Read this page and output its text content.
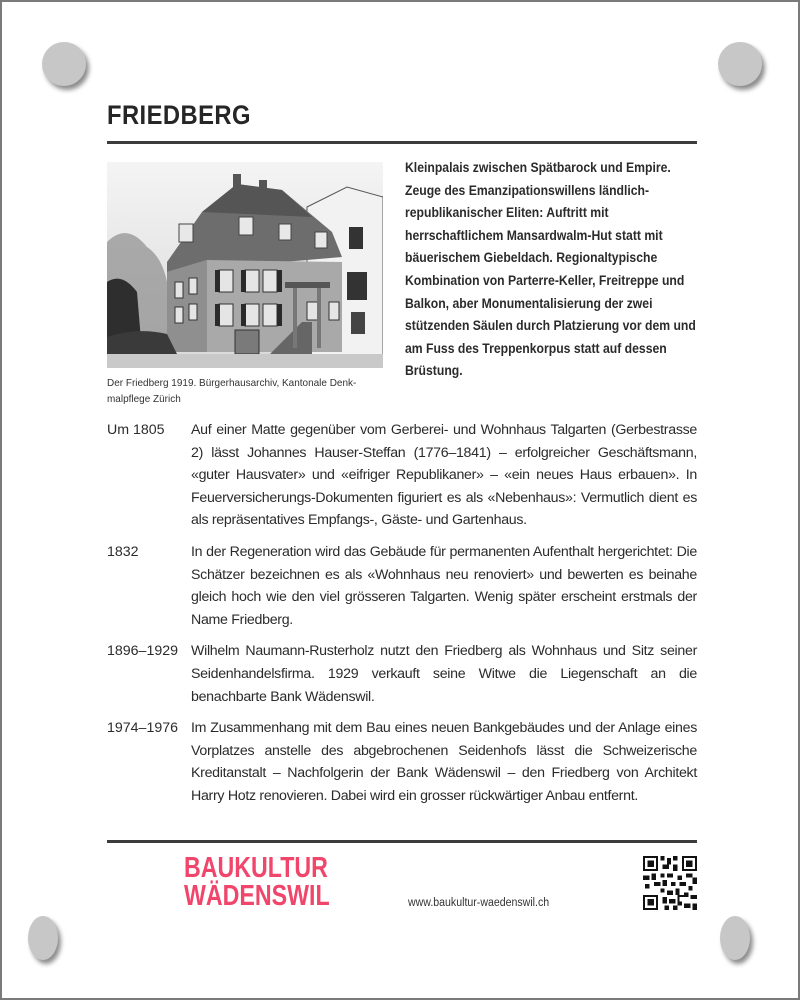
FRIEDBERG
Der Friedberg 1919. Bürgerhausarchiv, Kantonale Denkmalpflege Zürich
Kleinpalais zwischen Spätbarock und Empire. Zeuge des Emanzipationswillens ländlich-republikanischer Eliten: Auftritt mit herrschaftlichem Mansardwalm-Hut statt mit bäuerischem Giebeldach. Regionaltypische Kombination von Parterre-Keller, Freitreppe und Balkon, aber Monumentalisierung der zwei stützenden Säulen durch Platzierung vor dem und am Fuss des Treppenkorpus statt auf dessen Brüstung.
Um 1805	Auf einer Matte gegenüber vom Gerberei- und Wohnhaus Talgarten (Gerbestrasse 2) lässt Johannes Hauser-Steffan (1776–1841) – erfolgreicher Geschäftsmann, «guter Hausvater» und «eifriger Republikaner» – «ein neues Haus erbauen». In Feuerversicherungs-Dokumenten figuriert es als «Nebenhaus»: Vermutlich dient es als repräsentatives Empfangs-, Gäste- und Gartenhaus.
1832	In der Regeneration wird das Gebäude für permanenten Aufenthalt hergerichtet: Die Schätzer bezeichnen es als «Wohnhaus neu renoviert» und bewerten es beinahe gleich hoch wie den viel grösseren Talgarten. Wenig später erscheint erstmals der Name Friedberg.
1896–1929 Wilhelm Naumann-Rusterholz nutzt den Friedberg als Wohnhaus und Sitz seiner Seidenhandelsfirma. 1929 verkauft seine Witwe die Liegenschaft an die benachbarte Bank Wädenswil.
1974–1976 Im Zusammenhang mit dem Bau eines neuen Bankgebäudes und der Anlage eines Vorplatzes anstelle des abgebrochenen Seidenhofs lässt die Schweizerische Kreditanstalt – Nachfolgerin der Bank Wädenswil – den Friedberg von Architekt Harry Hotz renovieren. Dabei wird ein grosser rückwärtiger Anbau entfernt.
BAUKULTUR
WÄDENSWIL	www.baukultur-waedenswil.ch
